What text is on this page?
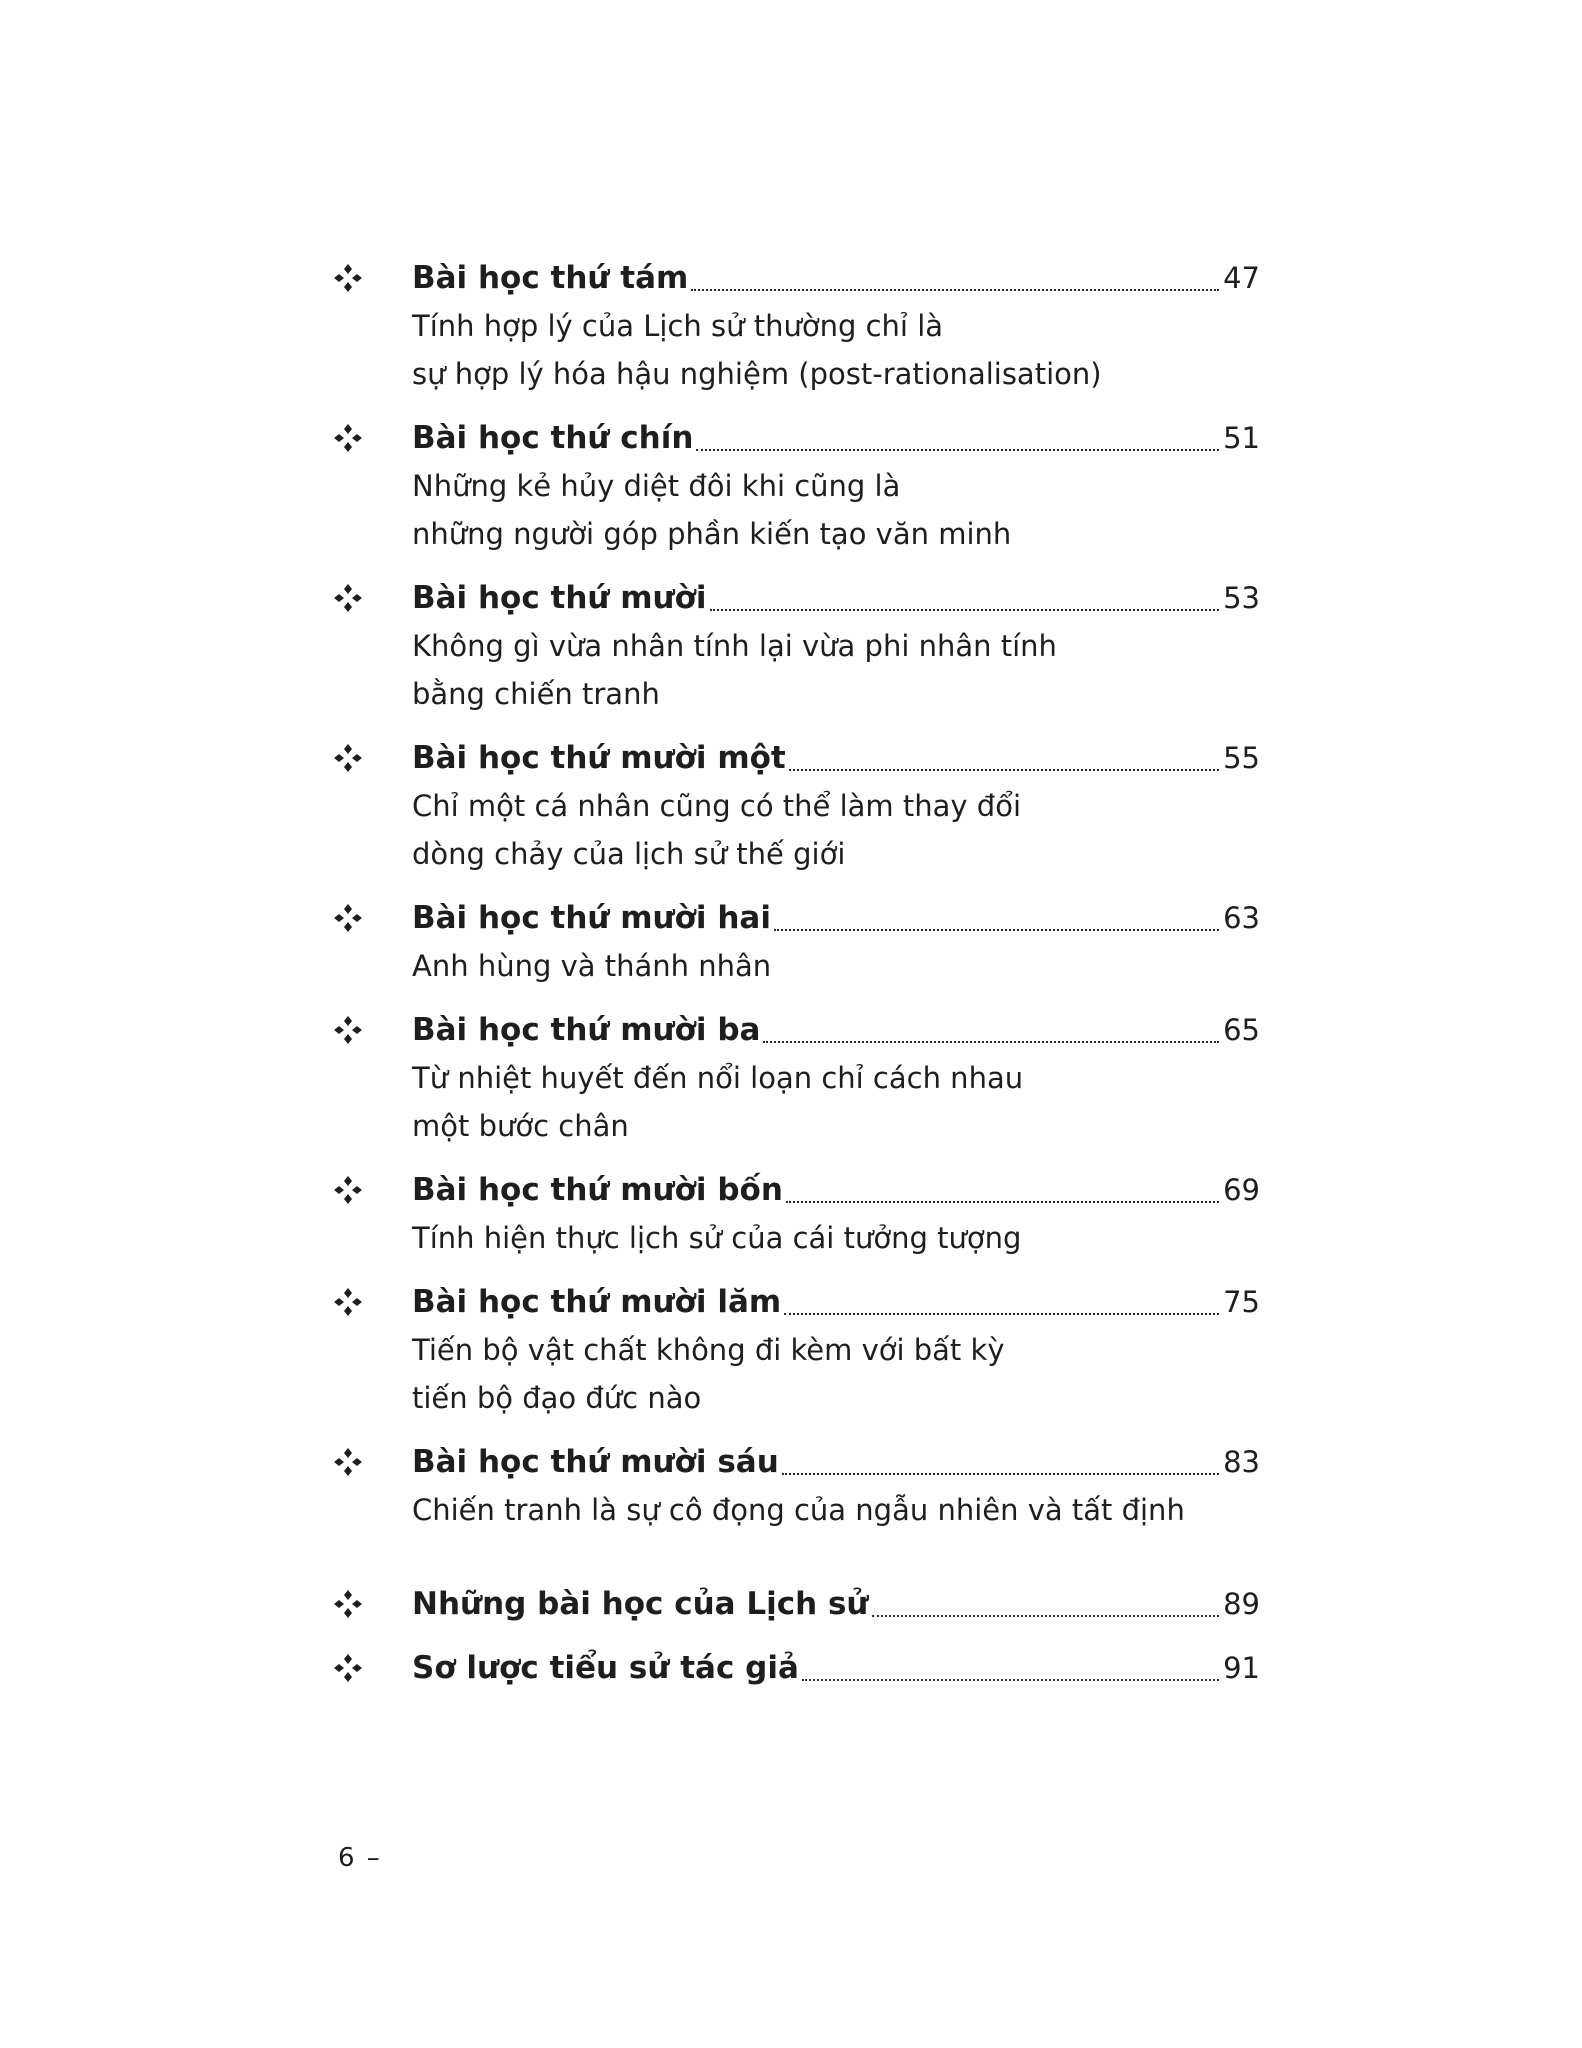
Bài học thứ tám	47
Tính hợp lý của Lịch sử thường chỉ là
sự hợp lý hóa hậu nghiệm (post-rationalisation)
Bài học thứ chín	51
Những kẻ hủy diệt đôi khi cũng là
những người góp phần kiến tạo văn minh
Bài học thứ mười	53
Không gì vừa nhân tính lại vừa phi nhân tính
bằng chiến tranh
Bài học thứ mười một	55
Chỉ một cá nhân cũng có thể làm thay đổi
dòng chảy của lịch sử thế giới
Bài học thứ mười hai	63
Anh hùng và thánh nhân
Bài học thứ mười ba	65
Từ nhiệt huyết đến nổi loạn chỉ cách nhau
một bước chân
Bài học thứ mười bốn	69
Tính hiện thực lịch sử của cái tưởng tượng
Bài học thứ mười lăm	75
Tiến bộ vật chất không đi kèm với bất kỳ
tiến bộ đạo đức nào
Bài học thứ mười sáu	83
Chiến tranh là sự cô đọng của ngẫu nhiên và tất định
Những bài học của Lịch sử	89
Sơ lược tiểu sử tác giả	91
6 –
